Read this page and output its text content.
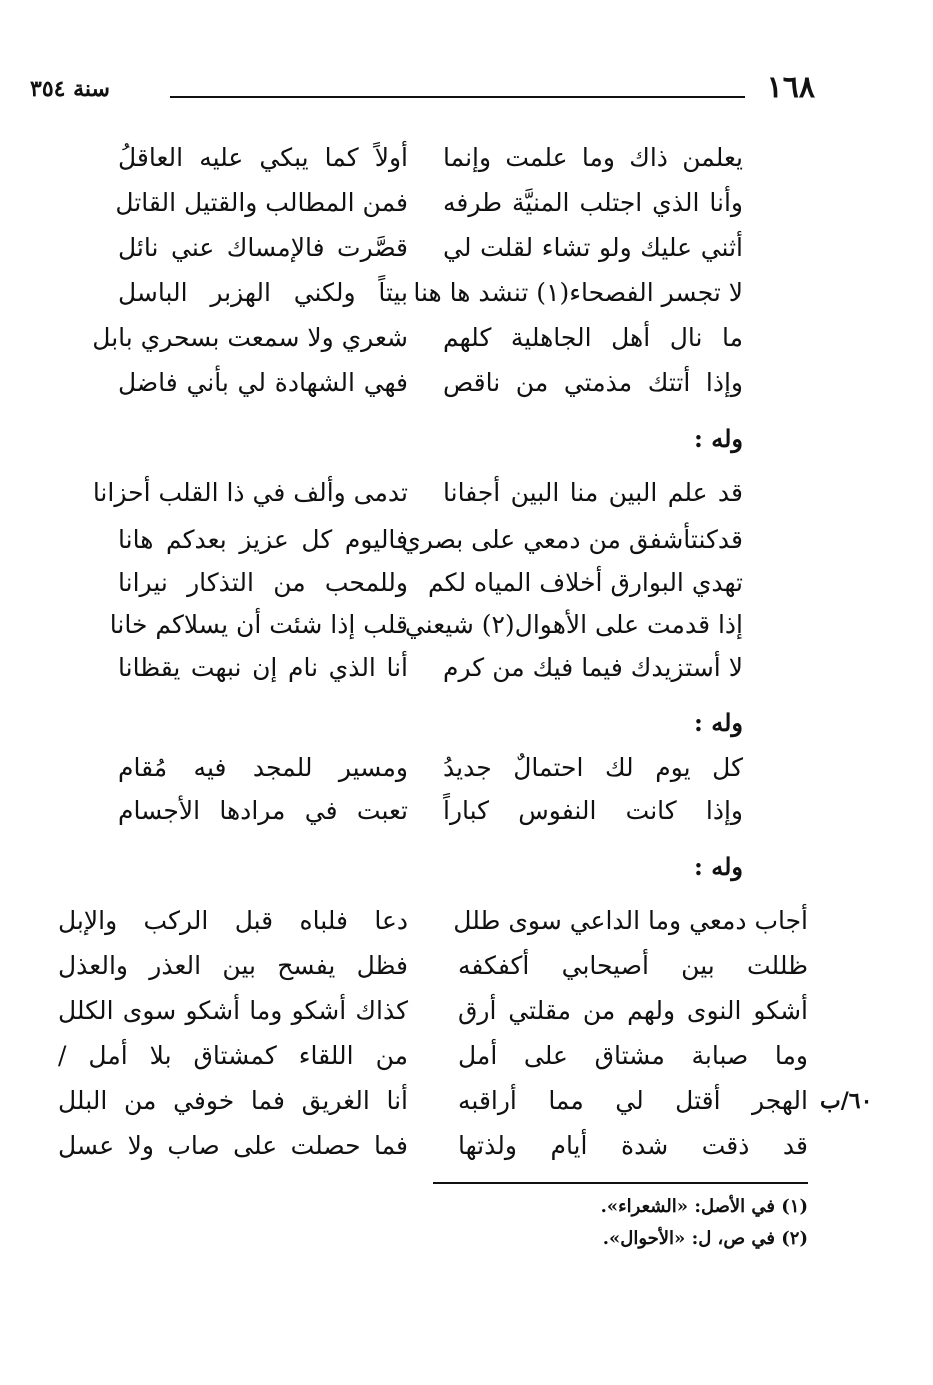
١٦٨
سنة ٣٥٤
يعلمن ذاك وما علمت وإنما
أولاً كما يبكي عليه العاقلُ
وأنا الذي اجتلب المنيَّة طرفه
فمن المطالب والقتيل القاتل
أثني عليك ولو تشاء لقلت لي
قصَّرت فالإمساك عني نائل
لا تجسر الفصحاء(١) تنشد ها هنا
بيتاً ولكني الهزبر الباسل
ما نال أهل الجاهلية كلهم
شعري ولا سمعت بسحري بابل
وإذا أتتك مذمتي من ناقص
فهي الشهادة لي بأني فاضل
وله :
قد علم البين منا البين أجفانا
تدمى وألف في ذا القلب أحزانا
قدكنتأشفق من دمعي على بصري
فاليوم كل عزيز بعدكم هانا
تهدي البوارق أخلاف المياه لكم
وللمحب من التذكار نيرانا
إذا قدمت على الأهوال(٢) شيعني
قلب إذا شئت أن يسلاكم خانا
لا أستزيدك فيما فيك من كرم
أنا الذي نام إن نبهت يقظانا
وله :
كل يوم لك احتمالٌ جديدُ
ومسير للمجد فيه مُقام
وإذا كانت النفوس كباراً
تعبت في مرادها الأجسام
وله :
أجاب دمعي وما الداعي سوى طلل
دعا فلباه قبل الركب والإبل
ظللت بين أصيحابي أكفكفه
فظل يفسح بين العذر والعذل
أشكو النوى ولهم من مقلتي أرق
كذاك أشكو وما أشكو سوى الكلل
وما صبابة مشتاق على أمل
من اللقاء كمشتاق بلا أمل /
الهجر أقتل لي مما أراقبه
أنا الغريق فما خوفي من البلل
قد ذقت شدة أيام ولذتها
فما حصلت على صاب ولا عسل
٦٠/ب
(١) في الأصل: «الشعراء».
(٢) في ص، ل: «الأحوال».
